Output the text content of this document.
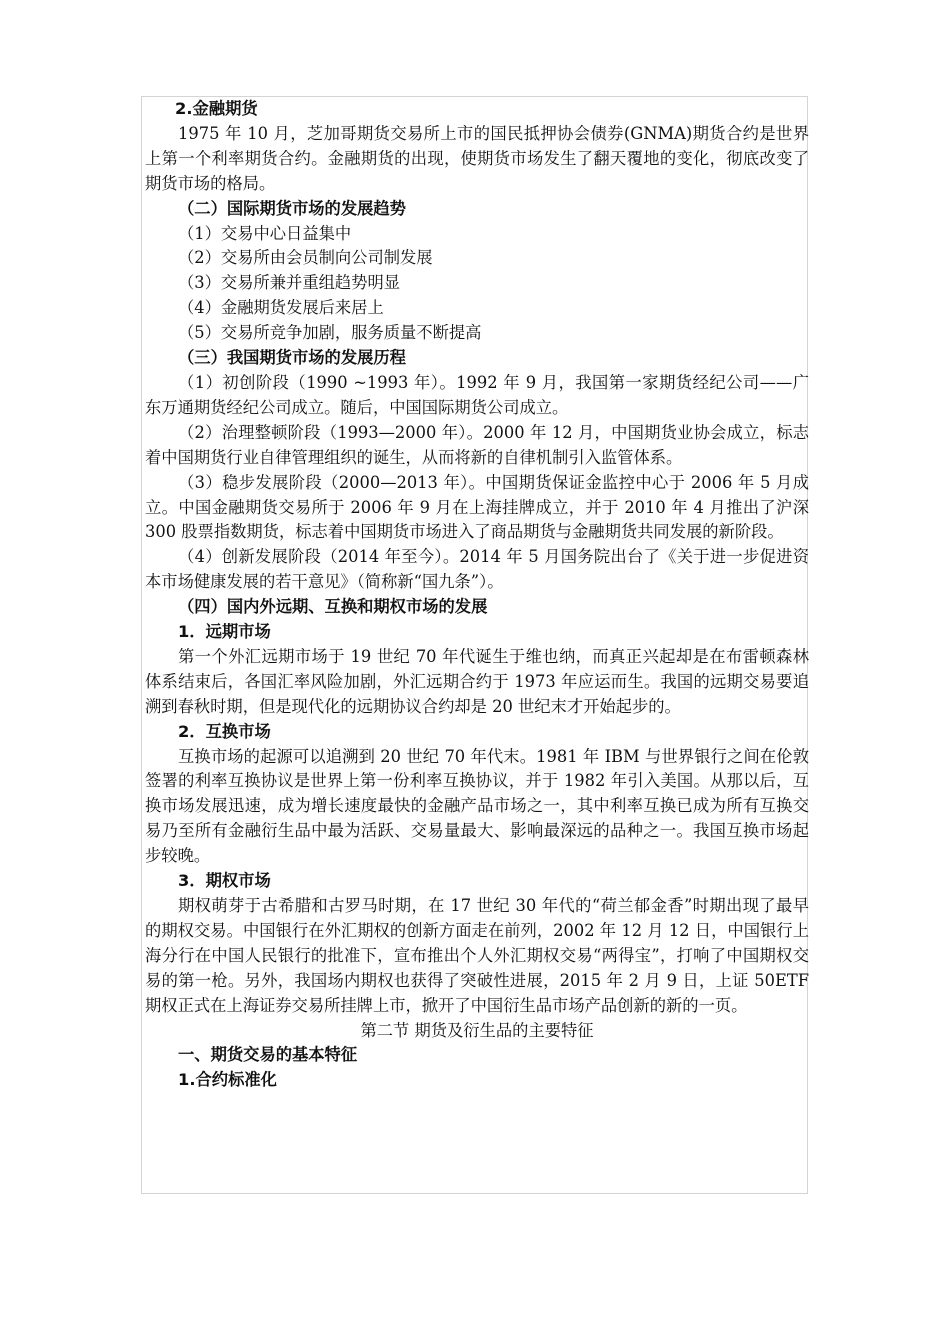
2.金融期货

1975 年 10 月，芝加哥期货交易所上市的国民抵押协会债券(GNMA)期货合约是世界上第一个利率期货合约。金融期货的出现，使期货市场发生了翻天覆地的变化，彻底改变了期货市场的格局。

（二）国际期货市场的发展趋势

（1）交易中心日益集中

（2）交易所由会员制向公司制发展

（3）交易所兼并重组趋势明显

（4）金融期货发展后来居上

（5）交易所竞争加剧，服务质量不断提高

（三）我国期货市场的发展历程

（1）初创阶段（1990 ~1993 年）。1992 年 9 月，我国第一家期货经纪公司——广东万通期货经纪公司成立。随后，中国国际期货公司成立。

（2）治理整顿阶段（1993—2000 年）。2000 年 12 月，中国期货业协会成立，标志着中国期货行业自律管理组织的诞生，从而将新的自律机制引入监管体系。

（3）稳步发展阶段（2000—2013 年）。中国期货保证金监控中心于 2006 年 5 月成立。中国金融期货交易所于 2006 年 9 月在上海挂牌成立，并于 2010 年 4 月推出了沪深 300 股票指数期货，标志着中国期货市场进入了商品期货与金融期货共同发展的新阶段。

（4）创新发展阶段（2014 年至今）。2014 年 5 月国务院出台了《关于进一步促进资本市场健康发展的若干意见》（简称新“国九条”）。

（四）国内外远期、互换和期权市场的发展

1．远期市场

第一个外汇远期市场于 19 世纪 70 年代诞生于维也纳，而真正兴起却是在布雷顿森林体系结束后，各国汇率风险加剧，外汇远期合约于 1973 年应运而生。我国的远期交易要追溯到春秋时期，但是现代化的远期协议合约却是 20 世纪末才开始起步的。

2．互换市场

互换市场的起源可以追溯到 20 世纪 70 年代末。1981 年 IBM 与世界银行之间在伦敦签署的利率互换协议是世界上第一份利率互换协议，并于 1982 年引入美国。从那以后，互换市场发展迅速，成为增长速度最快的金融产品市场之一，其中利率互换已成为所有互换交易乃至所有金融衍生品中最为活跃、交易量最大、影响最深远的品种之一。我国互换市场起步较晚。

3．期权市场

期权萌芽于古希腊和古罗马时期，在 17 世纪 30 年代的“荷兰郁金香”时期出现了最早的期权交易。中国银行在外汇期权的创新方面走在前列，2002 年 12 月 12 日，中国银行上海分行在中国人民银行的批准下，宣布推出个人外汇期权交易“两得宝”，打响了中国期权交易的第一枪。另外，我国场内期权也获得了突破性进展，2015 年 2 月 9 日，上证 50ETF 期权正式在上海证券交易所挂牌上市，掀开了中国衍生品市场产品创新的新的一页。

第二节 期货及衍生品的主要特征

一、期货交易的基本特征

1.合约标准化
